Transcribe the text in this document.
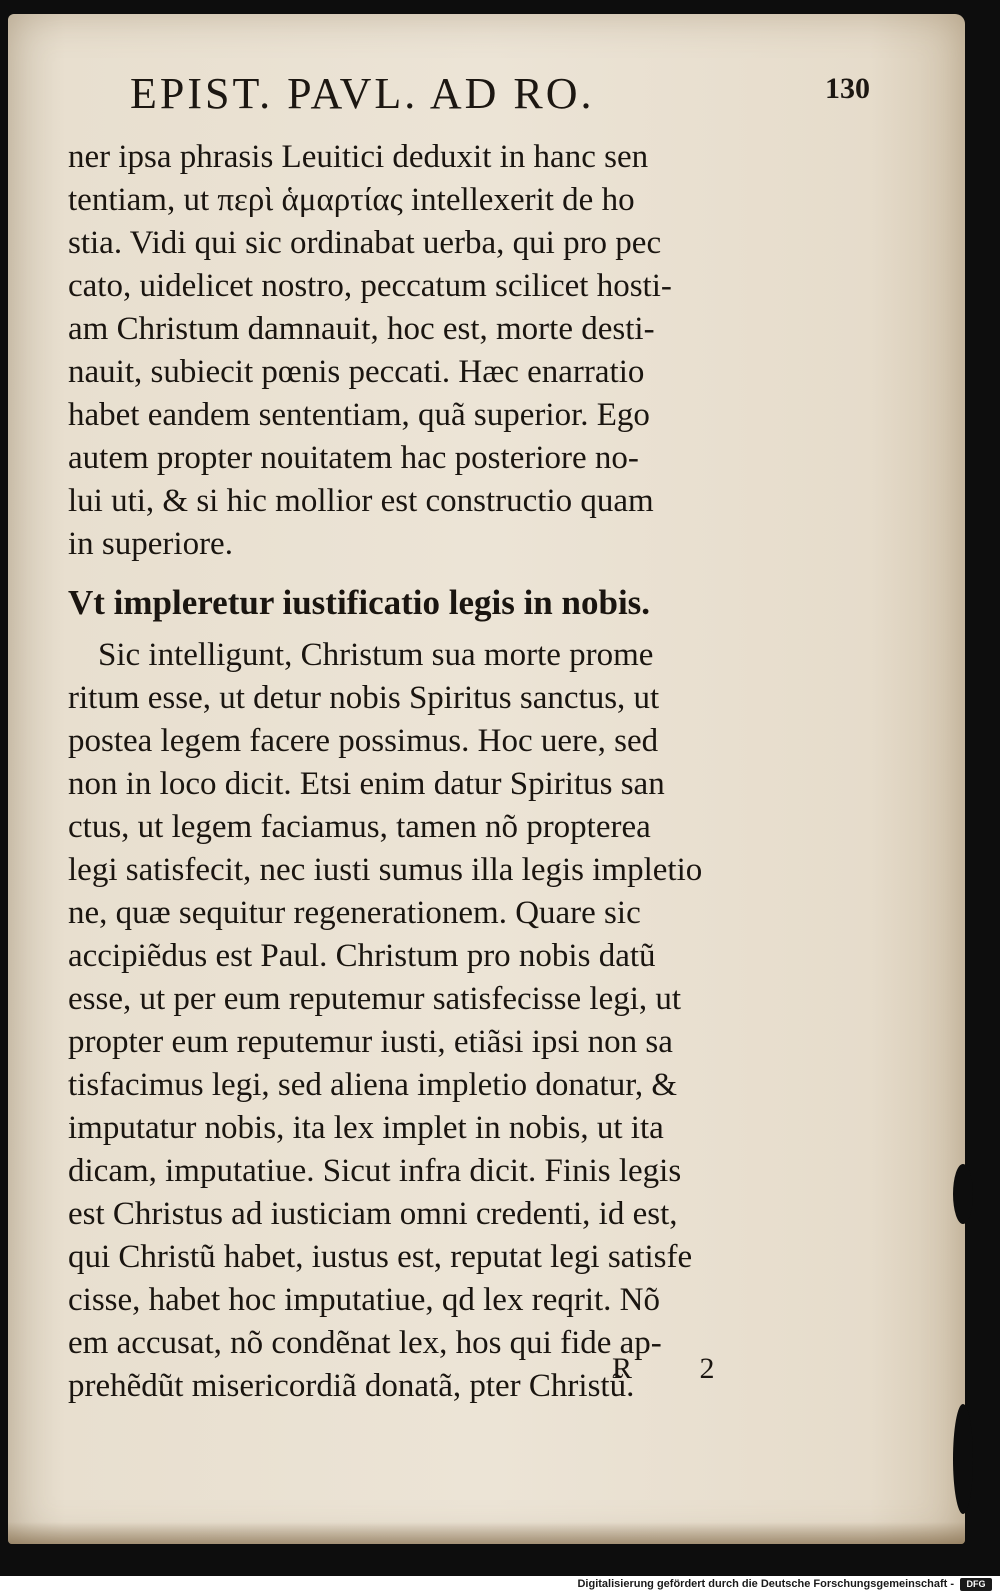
EPIST. PAVL. AD RO.	130
ner ipsa phrasis Leuitici deduxit in hanc sen
tentiam, ut περὶ ἁμαρτίας intellexerit de ho
stia. Vidi qui sic ordinabat uerba, qui pro pec
cato, uidelicet nostro, peccatum scilicet hosti-
am Christum damnauit, hoc est, morte desti-
nauit, subiecit pœnis peccati. Hæc enarratio
habet eandem sententiam, quã superior. Ego
autem propter nouitatem hac posteriore no-
lui uti, & si hic mollior est constructio quam
in superiore.
Vt impleretur iustificatio legis in nobis.
Sic intelligunt, Christum sua morte prome
ritum esse, ut detur nobis Spiritus sanctus, ut
postea legem facere possimus. Hoc uere, sed
non in loco dicit. Etsi enim datur Spiritus san
ctus, ut legem faciamus, tamen nõ propterea
legi satisfecit, nec iusti sumus illa legis impletio
ne, quæ sequitur regenerationem. Quare sic
accipiẽdus est Paul. Christum pro nobis datũ
esse, ut per eum reputemur satisfecisse legi, ut
propter eum reputemur iusti, etiãsi ipsi non sa
tisfacimus legi, sed aliena impletio donatur, &
imputatur nobis, ita lex implet in nobis, ut ita
dicam, imputatiue. Sicut infra dicit. Finis legis
est Christus ad iusticiam omni credenti, id est,
qui Christũ habet, iustus est, reputat legi satisfe
cisse, habet hoc imputatiue, qd lex reqrit. Nõ
em accusat, nõ condẽnat lex, hos qui fide ap-
prehẽdũt misericordiã donatã, pter Christũ.
R 2
Digitalisierung gefördert durch die Deutsche Forschungsgemeinschaft -	DFG
